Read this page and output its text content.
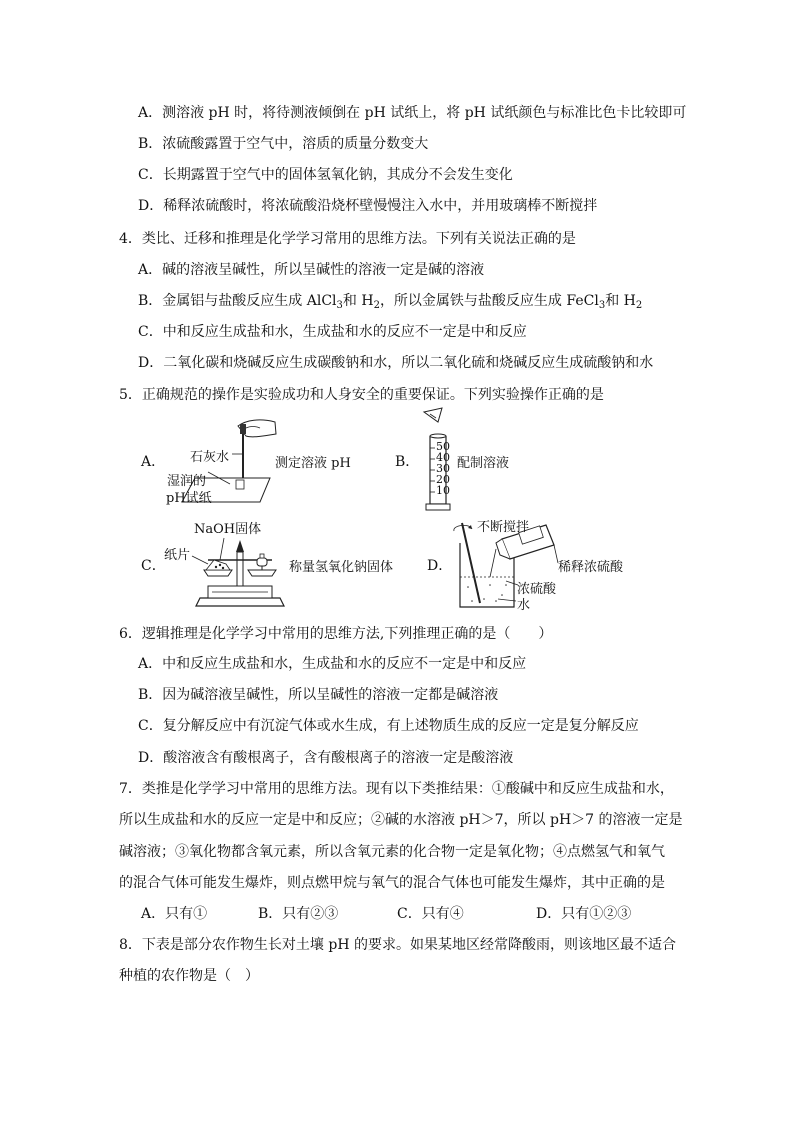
A．测溶液 pH 时，将待测液倾倒在 pH 试纸上，将 pH 试纸颜色与标准比色卡比较即可
B．浓硫酸露置于空气中，溶质的质量分数变大
C．长期露置于空气中的固体氢氧化钠，其成分不会发生变化
D．稀释浓硫酸时，将浓硫酸沿烧杯壁慢慢注入水中，并用玻璃棒不断搅拌
4．类比、迁移和推理是化学学习常用的思维方法。下列有关说法正确的是
A．碱的溶液呈碱性，所以呈碱性的溶液一定是碱的溶液
B．金属铝与盐酸反应生成 AlCl$_3$和 $H_2$，所以金属铁与盐酸反应生成 FeCl$_3$和 $H_2$
C．中和反应生成盐和水，生成盐和水的反应不一定是中和反应
D．二氧化碳和烧碱反应生成碳酸钠和水，所以二氧化硫和烧碱反应生成硫酸钠和水
5．正确规范的操作是实验成功和人身安全的重要保证。下列实验操作正确的是
A． 石灰水
湿润的
pH试纸
测定溶液 pH	B．
50
40
30
20
10
配制溶液
C．
NaOH固体
纸片
称量氢氧化钠固体 D．
不断搅拌
稀释浓硫酸
浓硫酸
水
6．逻辑推理是化学学习中常用的思维方法,下列推理正确的是（　　）
A．中和反应生成盐和水，生成盐和水的反应不一定是中和反应
B．因为碱溶液呈碱性，所以呈碱性的溶液一定都是碱溶液
C．复分解反应中有沉淀气体或水生成，有上述物质生成的反应一定是复分解反应
D．酸溶液含有酸根离子，含有酸根离子的溶液一定是酸溶液
7．类推是化学学习中常用的思维方法。现有以下类推结果：①酸碱中和反应生成盐和水，
所以生成盐和水的反应一定是中和反应；②碱的水溶液 pH＞7，所以 pH＞7 的溶液一定是
碱溶液；③氧化物都含氧元素，所以含氧元素的化合物一定是氧化物；④点燃氢气和氧气
的混合气体可能发生爆炸，则点燃甲烷与氧气的混合气体也可能发生爆炸，其中正确的是
A．只有①	B．只有②③	C．只有④	D．只有①②③
8．下表是部分农作物生长对土壤 pH 的要求。如果某地区经常降酸雨，则该地区最不适合
种植的农作物是（　）
